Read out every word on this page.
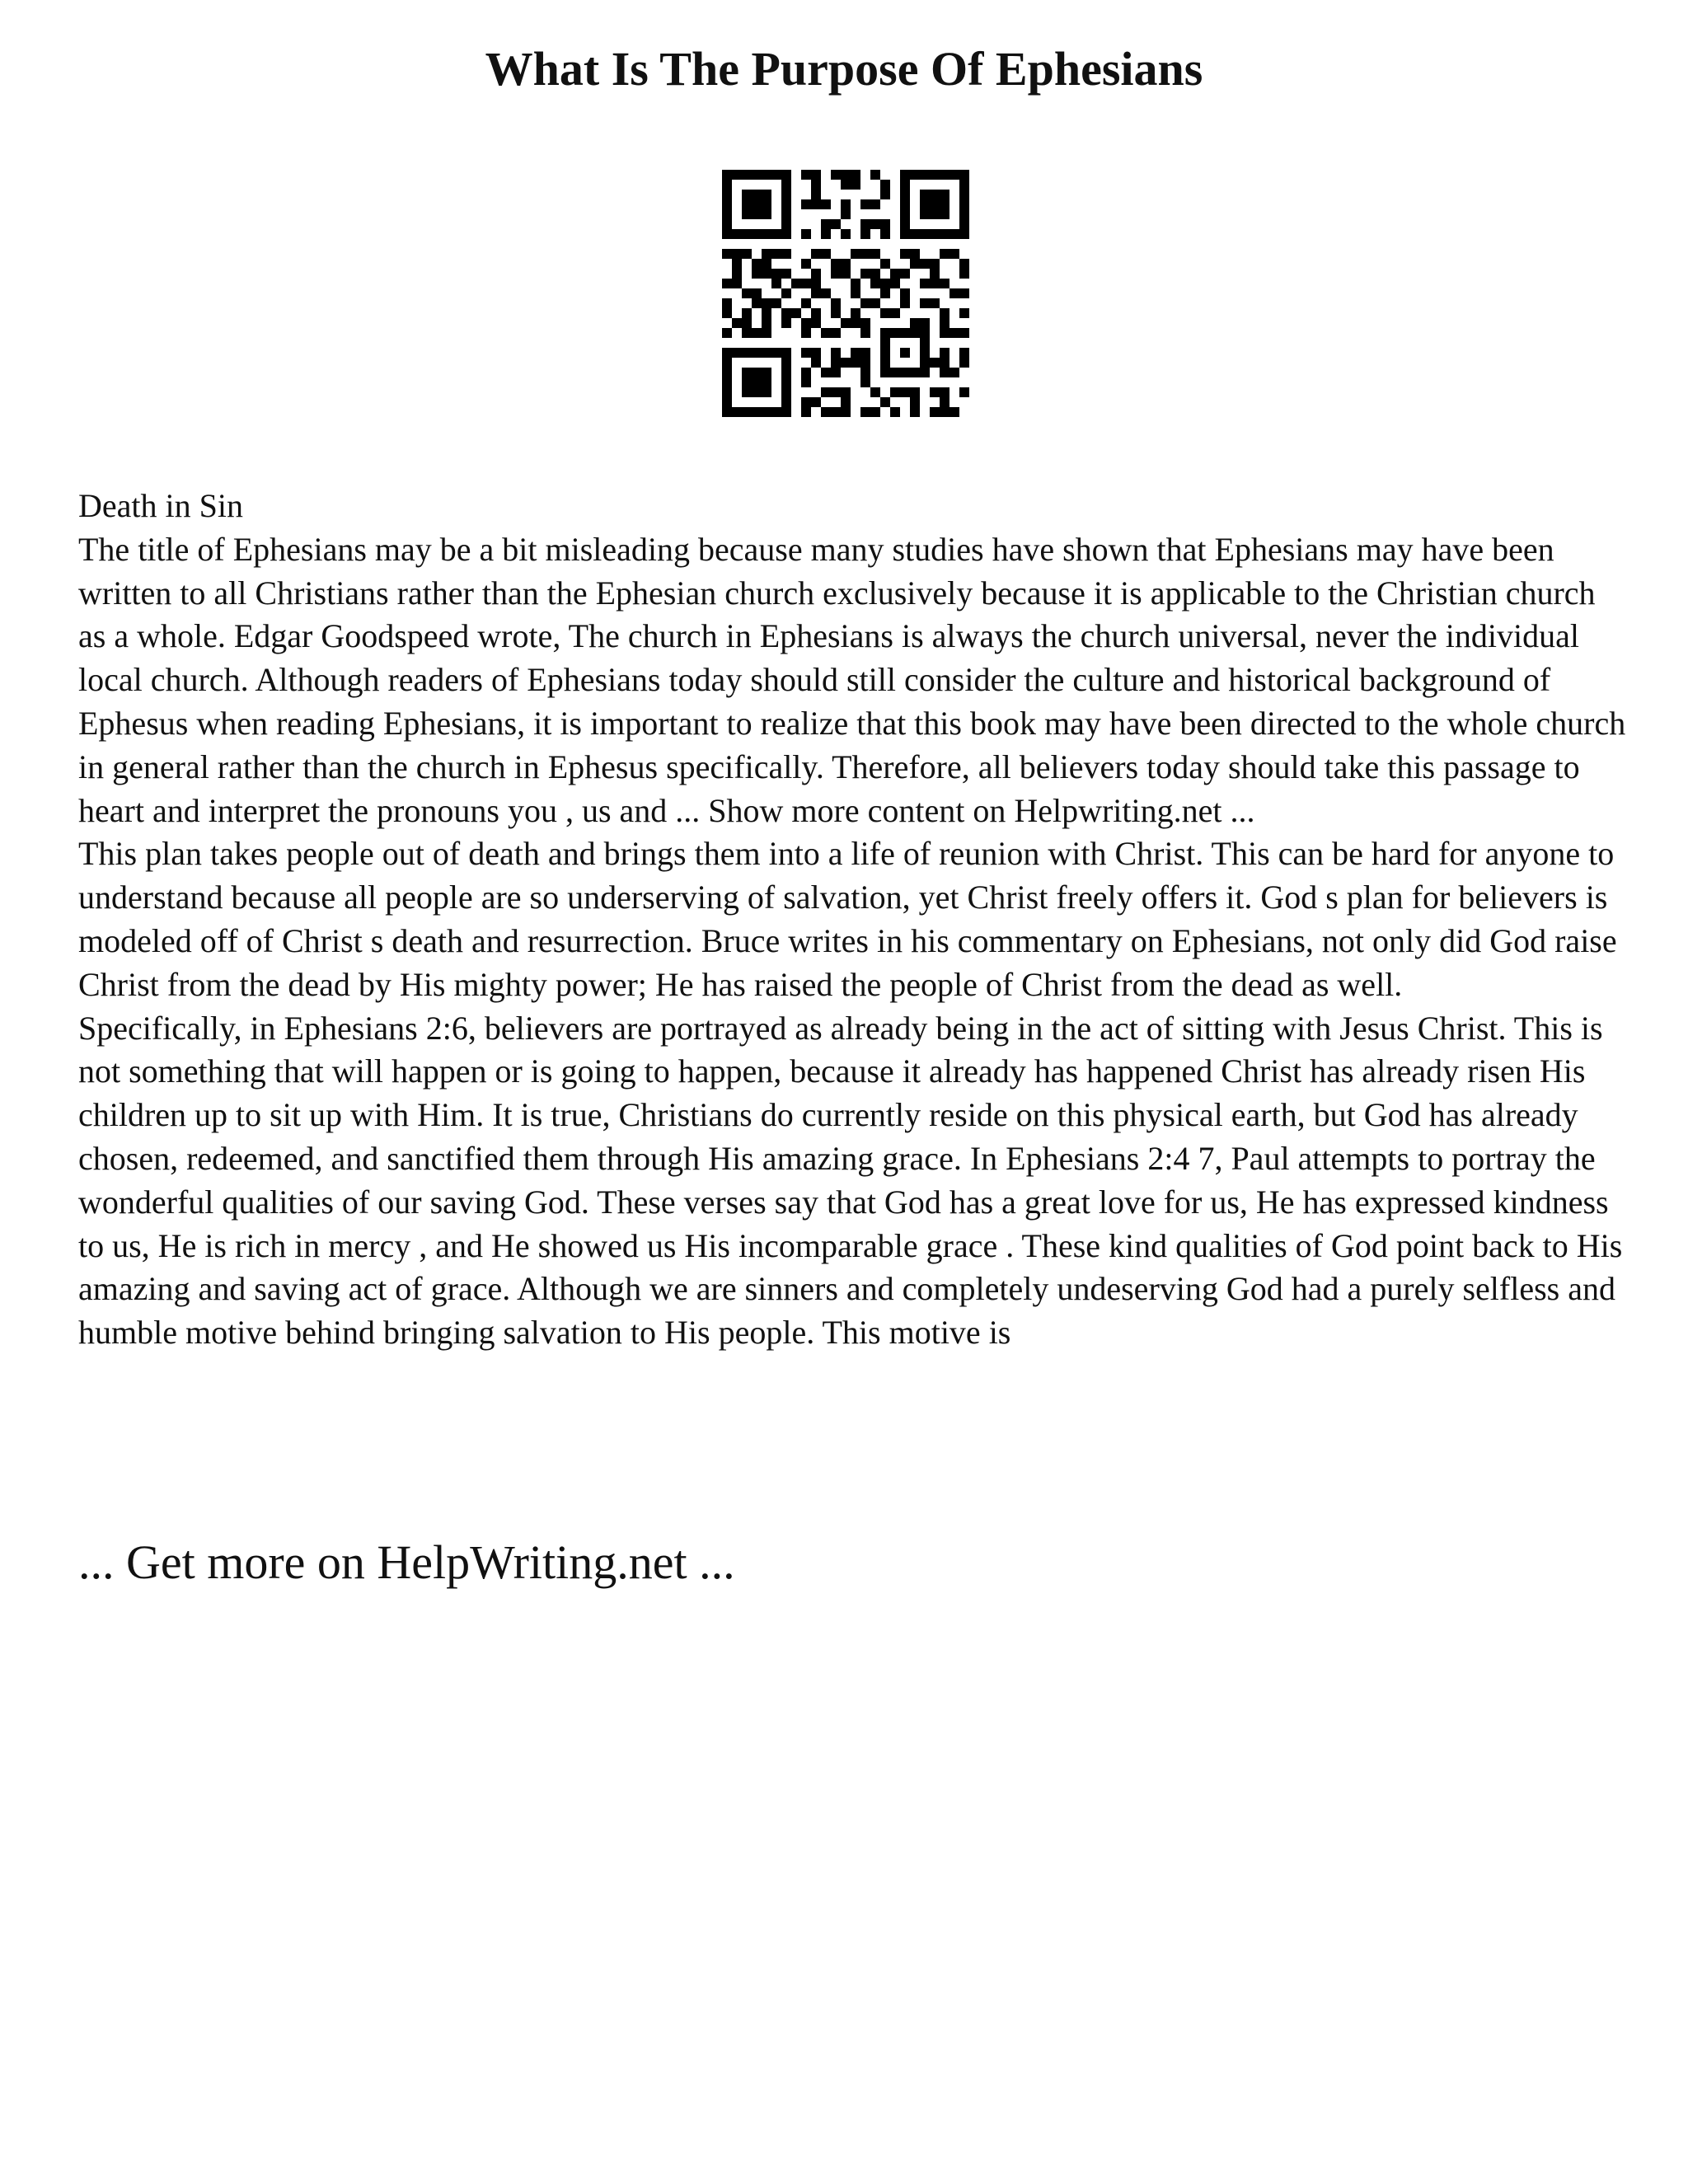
What Is The Purpose Of Ephesians

Death in Sin

The title of Ephesians may be a bit misleading because many studies have shown that Ephesians may have been written to all Christians rather than the Ephesian church exclusively because it is applicable to the Christian church as a whole. Edgar Goodspeed wrote, The church in Ephesians is always the church universal, never the individual local church. Although readers of Ephesians today should still consider the culture and historical background of Ephesus when reading Ephesians, it is important to realize that this book may have been directed to the whole church in general rather than the church in Ephesus specifically. Therefore, all believers today should take this passage to heart and interpret the pronouns you , us and ... Show more content on Helpwriting.net ...

This plan takes people out of death and brings them into a life of reunion with Christ. This can be hard for anyone to understand because all people are so underserving of salvation, yet Christ freely offers it. God s plan for believers is modeled off of Christ s death and resurrection. Bruce writes in his commentary on Ephesians, not only did God raise Christ from the dead by His mighty power; He has raised the people of Christ from the dead as well.

Specifically, in Ephesians 2:6, believers are portrayed as already being in the act of sitting with Jesus Christ. This is not something that will happen or is going to happen, because it already has happened Christ has already risen His children up to sit up with Him. It is true, Christians do currently reside on this physical earth, but God has already chosen, redeemed, and sanctified them through His amazing grace. In Ephesians 2:4 7, Paul attempts to portray the wonderful qualities of our saving God. These verses say that God has a great love for us, He has expressed kindness to us, He is rich in mercy , and He showed us His incomparable grace . These kind qualities of God point back to His amazing and saving act of grace. Although we are sinners and completely undeserving God had a purely selfless and humble motive behind bringing salvation to His people. This motive is

... Get more on HelpWriting.net ...
